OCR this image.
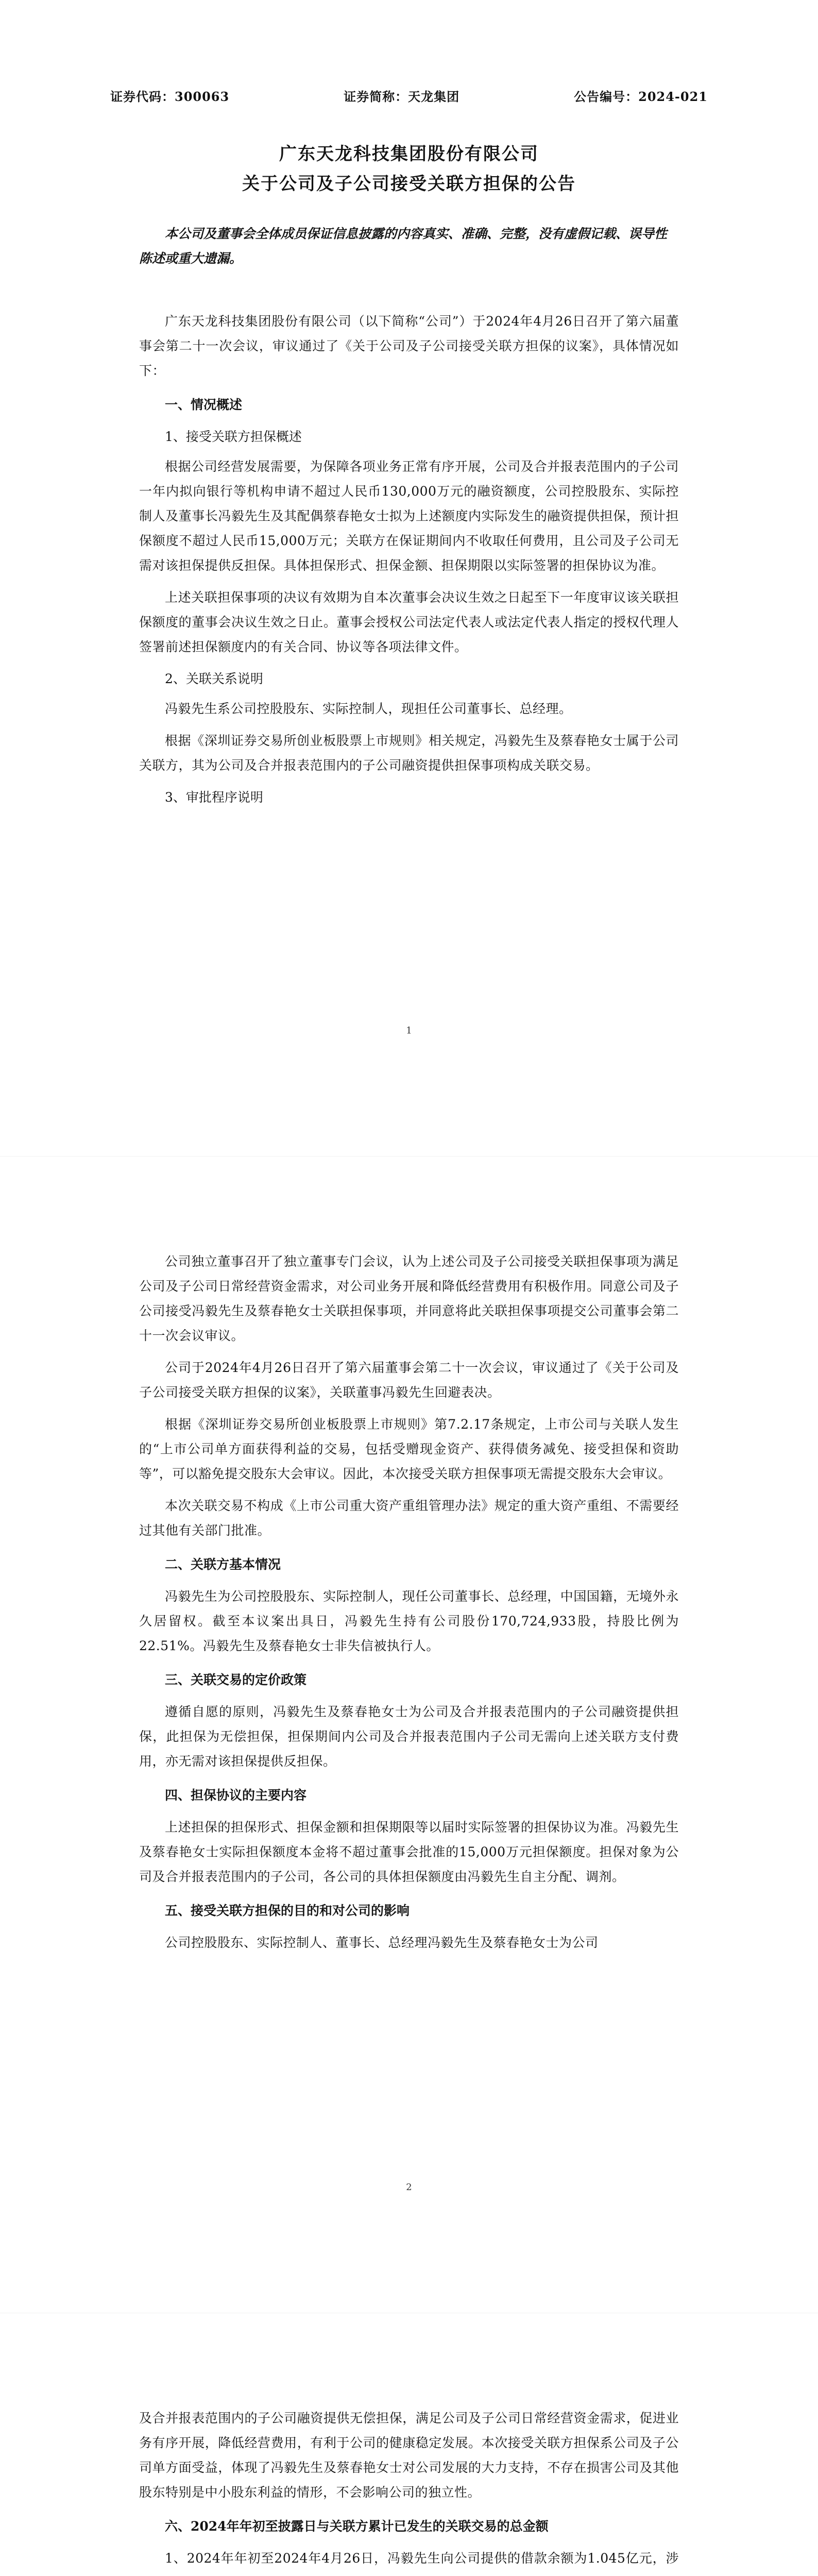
证券代码：300063	证券简称：天龙集团	公告编号：2024-021
广东天龙科技集团股份有限公司
关于公司及子公司接受关联方担保的公告
本公司及董事会全体成员保证信息披露的内容真实、准确、完整，没有虚假记载、误导性陈述或重大遗漏。

广东天龙科技集团股份有限公司（以下简称“公司”）于2024年4月26日召开了第六届董事会第二十一次会议，审议通过了《关于公司及子公司接受关联方担保的议案》，具体情况如下：

一、情况概述

1、接受关联方担保概述

根据公司经营发展需要，为保障各项业务正常有序开展，公司及合并报表范围内的子公司一年内拟向银行等机构申请不超过人民币130,000万元的融资额度，公司控股股东、实际控制人及董事长冯毅先生及其配偶蔡春艳女士拟为上述额度内实际发生的融资提供担保，预计担保额度不超过人民币15,000万元；关联方在保证期间内不收取任何费用，且公司及子公司无需对该担保提供反担保。具体担保形式、担保金额、担保期限以实际签署的担保协议为准。

上述关联担保事项的决议有效期为自本次董事会决议生效之日起至下一年度审议该关联担保额度的董事会决议生效之日止。董事会授权公司法定代表人或法定代表人指定的授权代理人签署前述担保额度内的有关合同、协议等各项法律文件。

2、关联关系说明

冯毅先生系公司控股股东、实际控制人，现担任公司董事长、总经理。

根据《深圳证券交易所创业板股票上市规则》相关规定，冯毅先生及蔡春艳女士属于公司关联方，其为公司及合并报表范围内的子公司融资提供担保事项构成关联交易。

3、审批程序说明

1

公司独立董事召开了独立董事专门会议，认为上述公司及子公司接受关联担保事项为满足公司及子公司日常经营资金需求，对公司业务开展和降低经营费用有积极作用。同意公司及子公司接受冯毅先生及蔡春艳女士关联担保事项，并同意将此关联担保事项提交公司董事会第二十一次会议审议。

公司于2024年4月26日召开了第六届董事会第二十一次会议，审议通过了《关于公司及子公司接受关联方担保的议案》，关联董事冯毅先生回避表决。

根据《深圳证券交易所创业板股票上市规则》第7.2.17条规定，上市公司与关联人发生的“上市公司单方面获得利益的交易，包括受赠现金资产、获得债务减免、接受担保和资助等”，可以豁免提交股东大会审议。因此，本次接受关联方担保事项无需提交股东大会审议。

本次关联交易不构成《上市公司重大资产重组管理办法》规定的重大资产重组、不需要经过其他有关部门批准。

二、关联方基本情况

冯毅先生为公司控股股东、实际控制人，现任公司董事长、总经理，中国国籍，无境外永久居留权。截至本议案出具日，冯毅先生持有公司股份170,724,933股，持股比例为22.51%。冯毅先生及蔡春艳女士非失信被执行人。

三、关联交易的定价政策

遵循自愿的原则，冯毅先生及蔡春艳女士为公司及合并报表范围内的子公司融资提供担保，此担保为无偿担保，担保期间内公司及合并报表范围内子公司无需向上述关联方支付费用，亦无需对该担保提供反担保。

四、担保协议的主要内容

上述担保的担保形式、担保金额和担保期限等以届时实际签署的担保协议为准。冯毅先生及蔡春艳女士实际担保额度本金将不超过董事会批准的15,000万元担保额度。担保对象为公司及合并报表范围内的子公司，各公司的具体担保额度由冯毅先生自主分配、调剂。

五、接受关联方担保的目的和对公司的影响

公司控股股东、实际控制人、董事长、总经理冯毅先生及蔡春艳女士为公司

2

及合并报表范围内的子公司融资提供无偿担保，满足公司及子公司日常经营资金需求，促进业务有序开展，降低经营费用，有利于公司的健康稳定发展。本次接受关联方担保系公司及子公司单方面受益，体现了冯毅先生及蔡春艳女士对公司发展的大力支持，不存在损害公司及其他股东特别是中小股东利益的情形，不会影响公司的独立性。

六、2024年年初至披露日与关联方累计已发生的关联交易的总金额

1、2024年年初至2024年4月26日，冯毅先生向公司提供的借款余额为1.045亿元，涉
